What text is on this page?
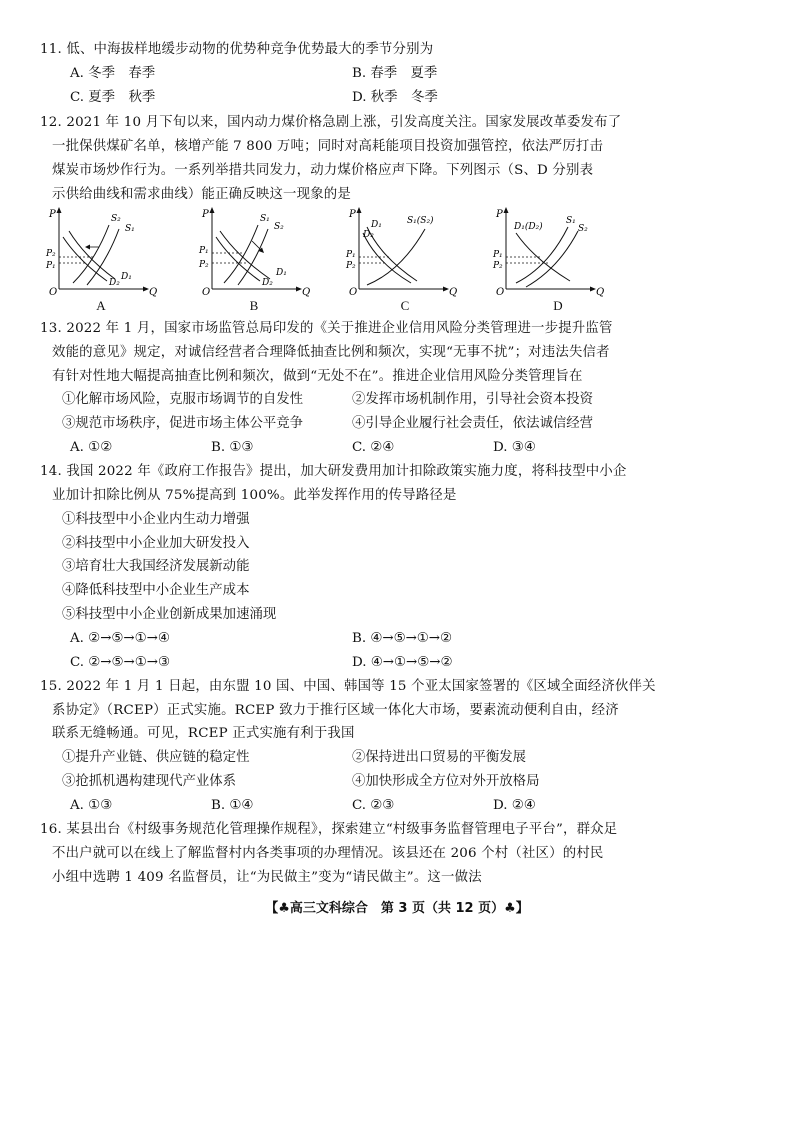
11. 低、中海拔样地缓步动物的优势种竞争优势最大的季节分别为
A. 冬季　春季	B. 春季　夏季
C. 夏季　秋季	D. 秋季　冬季
12. 2021 年 10 月下旬以来，国内动力煤价格急剧上涨，引发高度关注。国家发展改革委发布了
一批保供煤矿名单，核增产能 7 800 万吨；同时对高耗能项目投资加强管控，依法严厉打击
煤炭市场炒作行为。一系列举措共同发力，动力煤价格应声下降。下列图示（S、D 分别表
示供给曲线和需求曲线）能正确反映这一现象的是
P
O	Q
S₂
S₁
D₂
D₁
P₂
P₁
A
P
O	Q
S₁
S₂
D₂
D₁
P₁
P₂
B
P
O	Q
S₁(S₂)
D₁
D₂
P₁
P₂
C
P
O	Q
S₁
S₂
D₁(D₂)
P₁
P₂
D
13. 2022 年 1 月，国家市场监管总局印发的《关于推进企业信用风险分类管理进一步提升监管
效能的意见》规定，对诚信经营者合理降低抽查比例和频次，实现“无事不扰”；对违法失信者
有针对性地大幅提高抽查比例和频次，做到“无处不在”。推进企业信用风险分类管理旨在
①化解市场风险，克服市场调节的自发性	②发挥市场机制作用，引导社会资本投资
③规范市场秩序，促进市场主体公平竞争	④引导企业履行社会责任，依法诚信经营
A. ①②	B. ①③	C. ②④	D. ③④
14. 我国 2022 年《政府工作报告》提出，加大研发费用加计扣除政策实施力度，将科技型中小企
业加计扣除比例从 75%提高到 100%。此举发挥作用的传导路径是
①科技型中小企业内生动力增强
②科技型中小企业加大研发投入
③培育壮大我国经济发展新动能
④降低科技型中小企业生产成本
⑤科技型中小企业创新成果加速涌现
A. ②→⑤→①→④	B. ④→⑤→①→②
C. ②→⑤→①→③	D. ④→①→⑤→②
15. 2022 年 1 月 1 日起，由东盟 10 国、中国、韩国等 15 个亚太国家签署的《区域全面经济伙伴关
系协定》（RCEP）正式实施。RCEP 致力于推行区域一体化大市场，要素流动便利自由，经济
联系无缝畅通。可见，RCEP 正式实施有利于我国
①提升产业链、供应链的稳定性	②保持进出口贸易的平衡发展
③抢抓机遇构建现代产业体系	④加快形成全方位对外开放格局
A. ①③	B. ①④	C. ②③	D. ②④
16. 某县出台《村级事务规范化管理操作规程》，探索建立“村级事务监督管理电子平台”，群众足
不出户就可以在线上了解监督村内各类事项的办理情况。该县还在 206 个村（社区）的村民
小组中选聘 1 409 名监督员，让“为民做主”变为“请民做主”。这一做法
【♣高三文科综合　第 3 页（共 12 页）♣】
